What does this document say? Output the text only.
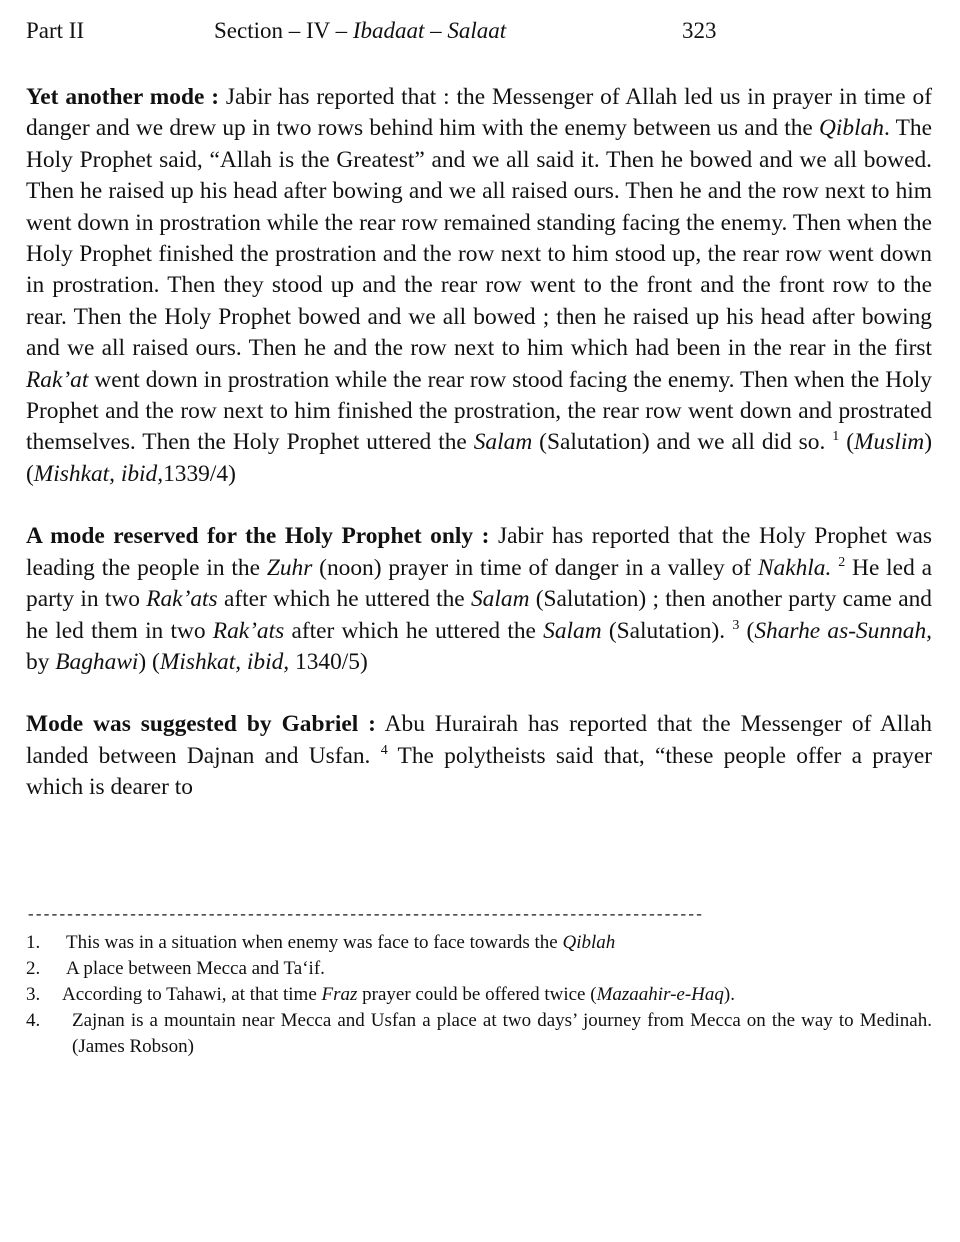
Part II	Section – IV – Ibadaat – Salaat	323

Yet another mode : Jabir has reported that : the Messenger of Allah led us in prayer in time of danger and we drew up in two rows behind him with the enemy between us and the Qiblah. The Holy Prophet said, “Allah is the Greatest” and we all said it. Then he bowed and we all bowed. Then he raised up his head after bowing and we all raised ours. Then he and the row next to him went down in prostration while the rear row remained standing facing the enemy. Then when the Holy Prophet finished the prostration and the row next to him stood up, the rear row went down in prostration. Then they stood up and the rear row went to the front and the front row to the rear. Then the Holy Prophet bowed and we all bowed ; then he raised up his head after bowing and we all raised ours. Then he and the row next to him which had been in the rear in the first Rak’at went down in prostration while the rear row stood facing the enemy. Then when the Holy Prophet and the row next to him finished the prostration, the rear row went down and prostrated themselves. Then the Holy Prophet uttered the Salam (Salutation) and we all did so. $^1$ (Muslim) (Mishkat, ibid,1339/4)

A mode reserved for the Holy Prophet only : Jabir has reported that the Holy Prophet was leading the people in the Zuhr (noon) prayer in time of danger in a valley of Nakhla. $^2$ He led a party in two Rak’ats after which he uttered the Salam (Salutation) ; then another party came and he led them in two Rak’ats after which he uttered the Salam (Salutation). $^3$ (Sharhe as-Sunnah, by Baghawi) (Mishkat, ibid, 1340/5)

Mode was suggested by Gabriel : Abu Hurairah has reported that the Messenger of Allah landed between Dajnan and Usfan. $^4$ The polytheists said that, “these people offer a prayer which is dearer to

--------------------------------------------------------------------------------------
1. This was in a situation when enemy was face to face towards the Qiblah
2. A place between Mecca and Ta‘if.
3. According to Tahawi, at that time Fraz prayer could be offered twice (Mazaahir-e-Haq).
4. Zajnan is a mountain near Mecca and Usfan a place at two days’ journey from Mecca on the way to Medinah. (James Robson)
